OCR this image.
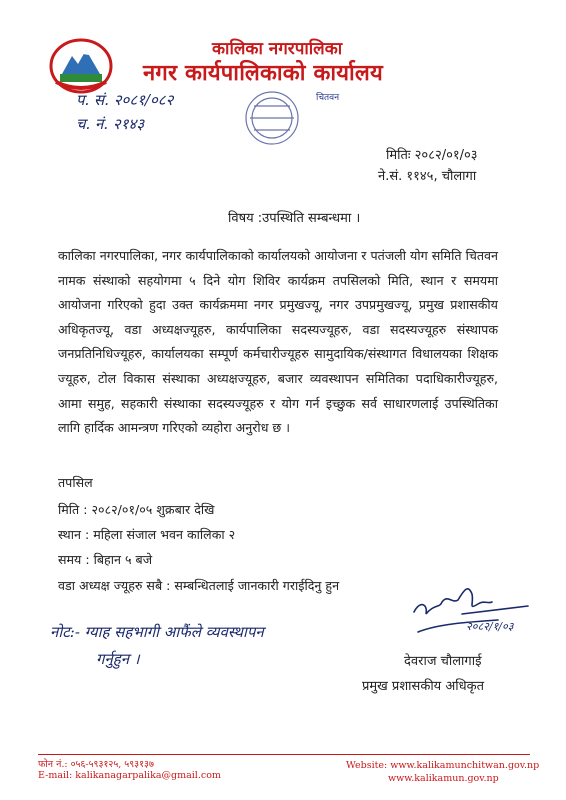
कालिका नगरपालिका
नगर कार्यपालिकाको कार्यालय
चितवन
प. सं. २०८१/०८२
च. नं. २१४३
मितिः २०८२/०१/०३
ने.सं. ११४५, चौलागा
विषय :उपस्थिति सम्बन्धमा ।
कालिका नगरपालिका, नगर कार्यपालिकाको कार्यालयको आयोजना र पतंजली योग समिति चितवन नामक संस्थाको सहयोगमा ५ दिने योग शिविर कार्यक्रम तपसिलको मिति, स्थान र समयमा आयोजना गरिएको हुदा उक्त कार्यक्रममा नगर प्रमुखज्यू, नगर उपप्रमुखज्यू, प्रमुख प्रशासकीय अधिकृतज्यू, वडा अध्यक्षज्यूहरु, कार्यपालिका सदस्यज्यूहरु, वडा सदस्यज्यूहरु संस्थापक जनप्रतिनिधिज्यूहरु, कार्यालयका सम्पूर्ण कर्मचारीज्यूहरु सामुदायिक/संस्थागत विधालयका शिक्षक ज्यूहरु, टोल विकास संस्थाका अध्यक्षज्यूहरु, बजार व्यवस्थापन समितिका पदाधिकारीज्यूहरु, आमा समुह, सहकारी संस्थाका सदस्यज्यूहरु र योग गर्न इच्छुक सर्व साधारणलाई उपस्थितिका लागि हार्दिक आमन्त्रण गरिएको व्यहोरा अनुरोध छ ।
तपसिल
मिति : २०८२/०१/०५ शुक्रबार देखि
स्थान : महिला संजाल भवन कालिका २
समय : बिहान ५ बजे
वडा अध्यक्ष ज्यूहरु सबै : सम्बन्धितलाई जानकारी गराईदिनु हुन
नोट:- ग्याह सहभागी आफैंले व्यवस्थापन
गर्नुहुन ।
२०८२/१/०३
देवराज चौलागाई
प्रमुख प्रशासकीय अधिकृत
फोन नं.: ०५६-५९३१२५, ५९३१३७
E-mail: kalikanagarpalika@gmail.com
Website: www.kalikamunchitwan.gov.np
www.kalikamun.gov.np
